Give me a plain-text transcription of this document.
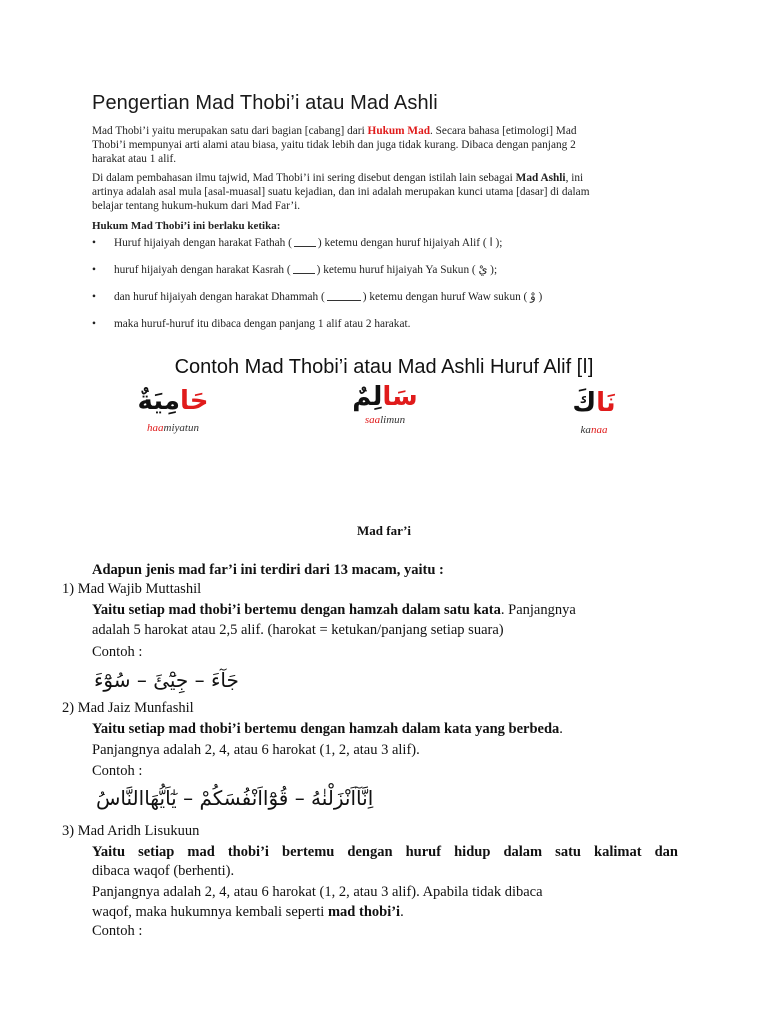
Pengertian Mad Thobi’i atau Mad Ashli
Mad Thobi’i yaitu merupakan satu dari bagian [cabang] dari Hukum Mad. Secara bahasa [etimologi] Mad
Thobi’i mempunyai arti alami atau biasa, yaitu tidak lebih dan juga tidak kurang. Dibaca dengan panjang 2
harakat atau 1 alif.
Di dalam pembahasan ilmu tajwid, Mad Thobi’i ini sering disebut dengan istilah lain sebagai Mad Ashli, ini
artinya adalah asal mula [asal-muasal] suatu kejadian, dan ini adalah merupakan kunci utama [dasar] di dalam
belajar tentang hukum-hukum dari Mad Far’i.
Hukum Mad Thobi’i ini berlaku ketika:
• Huruf hijaiyah dengan harakat Fathah ( ) ketemu dengan huruf hijaiyah Alif ( ا );
• huruf hijaiyah dengan harakat Kasrah ( ) ketemu huruf hijaiyah Ya Sukun ( يْ );
• dan huruf hijaiyah dengan harakat Dhammah (	) ketemu dengan huruf Waw sukun ( وْ )
• maka huruf-huruf itu dibaca dengan panjang 1 alif atau 2 harakat.
Contoh Mad Thobi’i atau Mad Ashli Huruf Alif [ا]
حَامِيَةٌ
haamiyatun
سَالِمٌ
saalimun
نَاكَ
kanaa
Mad far’i
Adapun jenis mad far’i ini terdiri dari 13 macam, yaitu :
1) Mad Wajib Muttashil
Yaitu setiap mad thobi’i bertemu dengan hamzah dalam satu kata. Panjangnya
adalah 5 harokat atau 2,5 alif. (harokat = ketukan/panjang setiap suara)
Contoh :
جَآءَ – جِيْٓئَ – سُوْٓءَ
2) Mad Jaiz Munfashil
Yaitu setiap mad thobi’i bertemu dengan hamzah dalam kata yang berbeda.
Panjangnya adalah 2, 4, atau 6 harokat (1, 2, atau 3 alif).
Contoh :
اِنَّآاَنْزَلْنٰهُ – قُوْٓااَنْفُسَكُمْ – يٰٓاَيُّهَاالنَّاسُ
3) Mad Aridh Lisukuun
Yaitu setiap mad thobi’i bertemu dengan huruf hidup dalam satu kalimat dan
dibaca waqof (berhenti).
Panjangnya adalah 2, 4, atau 6 harokat (1, 2, atau 3 alif). Apabila tidak dibaca
waqof, maka hukumnya kembali seperti mad thobi’i.
Contoh :
